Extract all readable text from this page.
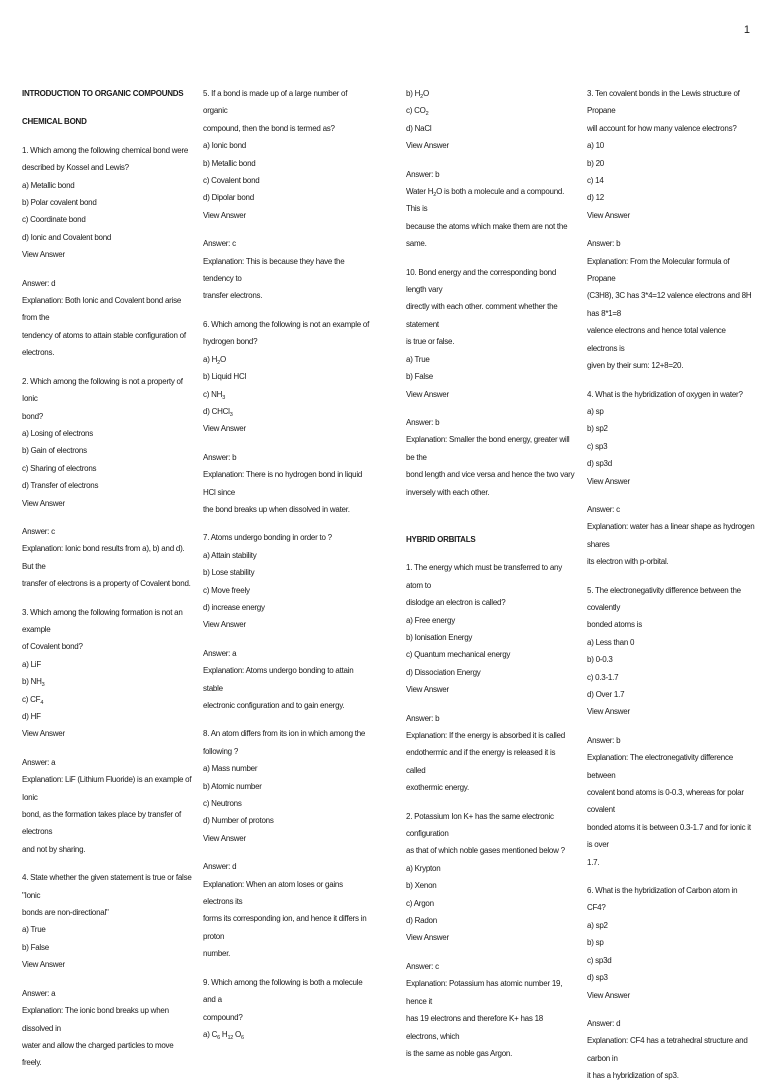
1

INTRODUCTION TO ORGANIC COMPOUNDS

CHEMICAL BOND

1. Which among the following chemical bond were

described by Kossel and Lewis?

a) Metallic bond

b) Polar covalent bond

c) Coordinate bond

d) Ionic and Covalent bond

View Answer

Answer: d

Explanation: Both Ionic and Covalent bond arise from the

tendency of atoms to attain stable configuration of

electrons.

2. Which among the following is not a property of Ionic

bond?

a) Losing of electrons

b) Gain of electrons

c) Sharing of electrons

d) Transfer of electrons

View Answer

Answer: c

Explanation: Ionic bond results from a), b) and d). But the

transfer of electrons is a property of Covalent bond.

3. Which among the following formation is not an example

of Covalent bond?

a) LiF

b) $NH_3$

c) $CF_4$

d) HF

View Answer

Answer: a

Explanation: LiF (Lithium Fluoride) is an example of Ionic

bond, as the formation takes place by transfer of electrons

and not by sharing.

4. State whether the given statement is true or false "Ionic

bonds are non-directional"

a) True

b) False

View Answer

Answer: a

Explanation: The ionic bond breaks up when dissolved in

water and allow the charged particles to move freely.

5. If a bond is made up of a large number of organic

compound, then the bond is termed as?

a) Ionic bond

b) Metallic bond

c) Covalent bond

d) Dipolar bond

View Answer

Answer: c

Explanation: This is because they have the tendency to

transfer electrons.

6. Which among the following is not an example of

hydrogen bond?

a) $H_2O$

b) Liquid HCl

c) $NH_3$

d) CHCl$_3$

View Answer

Answer: b

Explanation: There is no hydrogen bond in liquid HCl since

the bond breaks up when dissolved in water.

7. Atoms undergo bonding in order to ?

a) Attain stability

b) Lose stability

c) Move freely

d) increase energy

View Answer

Answer: a

Explanation: Atoms undergo bonding to attain stable

electronic configuration and to gain energy.

8. An atom differs from its ion in which among the

following ?

a) Mass number

b) Atomic number

c) Neutrons

d) Number of protons

View Answer

Answer: d

Explanation: When an atom loses or gains electrons its

forms its corresponding ion, and hence it differs in proton

number.

9. Which among the following is both a molecule and a

compound?

a) $C_6$ $H_{12}$ $O_6$

b) $H_2O$

c) $CO_2$

d) NaCl

View Answer

Answer: b

Water $H_2O$ is both a molecule and a compound. This is

because the atoms which make them are not the same.

10. Bond energy and the corresponding bond length vary

directly with each other. comment whether the statement

is true or false.

a) True

b) False

View Answer

Answer: b

Explanation: Smaller the bond energy, greater will be the

bond length and vice versa and hence the two vary

inversely with each other.

HYBRID ORBITALS

1. The energy which must be transferred to any atom to

dislodge an electron is called?

a) Free energy

b) Ionisation Energy

c) Quantum mechanical energy

d) Dissociation Energy

View Answer

Answer: b

Explanation: If the energy is absorbed it is called

endothermic and if the energy is released it is called

exothermic energy.

2. Potassium Ion K+ has the same electronic configuration

as that of which noble gases mentioned below ?

a) Krypton

b) Xenon

c) Argon

d) Radon

View Answer

Answer: c

Explanation: Potassium has atomic number 19, hence it

has 19 electrons and therefore K+ has 18 electrons, which

is the same as noble gas Argon.

3. Ten covalent bonds in the Lewis structure of Propane

will account for how many valence electrons?

a) 10

b) 20

c) 14

d) 12

View Answer

Answer: b

Explanation: From the Molecular formula of Propane

(C3H8), 3C has 3*4=12 valence electrons and 8H has 8*1=8

valence electrons and hence total valence electrons is

given by their sum: 12+8=20.

4. What is the hybridization of oxygen in water?

a) sp

b) sp2

c) sp3

d) sp3d

View Answer

Answer: c

Explanation: water has a linear shape as hydrogen shares

its electron with p-orbital.

5. The electronegativity difference between the covalently

bonded atoms is

a) Less than 0

b) 0-0.3

c) 0.3-1.7

d) Over 1.7

View Answer

Answer: b

Explanation: The electronegativity difference between

covalent bond atoms is 0-0.3, whereas for polar covalent

bonded atoms it is between 0.3-1.7 and for ionic it is over

1.7.

6. What is the hybridization of Carbon atom in CF4?

a) sp2

b) sp

c) sp3d

d) sp3

View Answer

Answer: d

Explanation: CF4 has a tetrahedral structure and carbon in

it has a hybridization of sp3.
